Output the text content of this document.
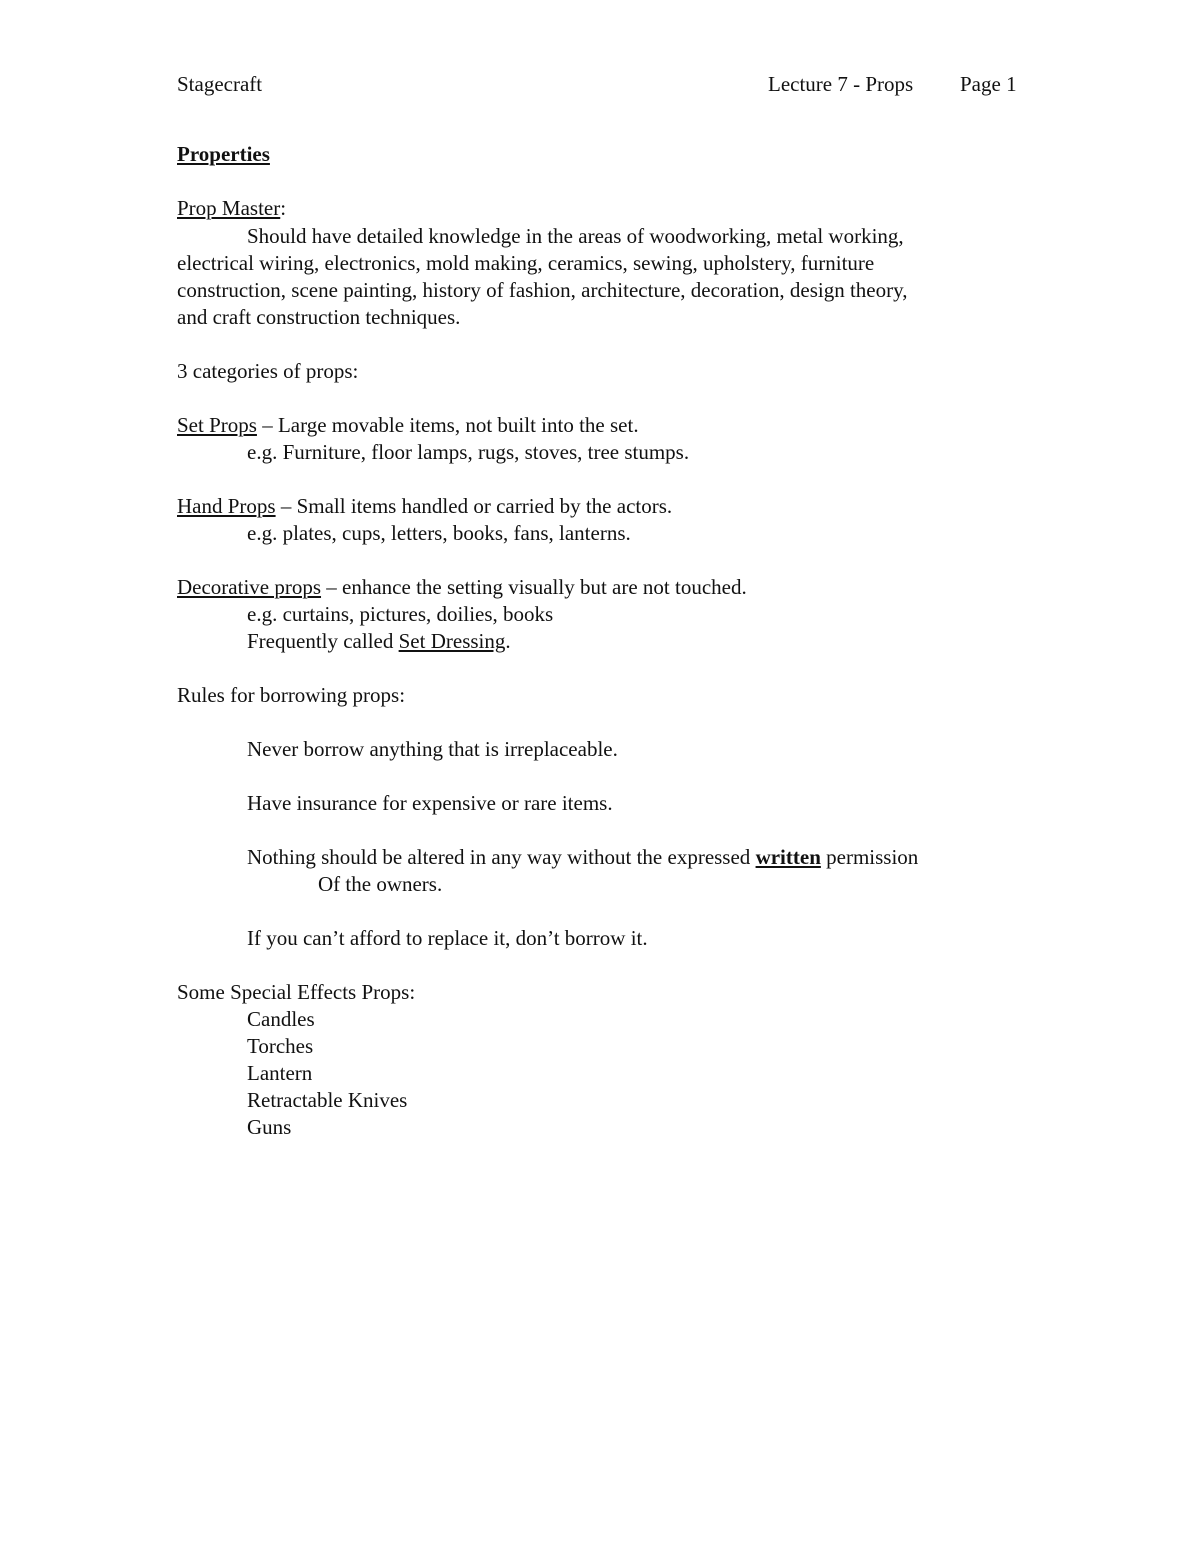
Stagecraft	Lecture 7 - Props Page 1
Properties
Prop Master:
Should have detailed knowledge in the areas of woodworking, metal working,
electrical wiring, electronics, mold making, ceramics, sewing, upholstery, furniture
construction, scene painting, history of fashion, architecture, decoration, design theory,
and craft construction techniques.
3 categories of props:
Set Props – Large movable items, not built into the set.
e.g. Furniture, floor lamps, rugs, stoves, tree stumps.
Hand Props – Small items handled or carried by the actors.
e.g. plates, cups, letters, books, fans, lanterns.
Decorative props – enhance the setting visually but are not touched.
e.g. curtains, pictures, doilies, books
Frequently called Set Dressing.
Rules for borrowing props:
Never borrow anything that is irreplaceable.
Have insurance for expensive or rare items.
Nothing should be altered in any way without the expressed written permission
Of the owners.
If you can’t afford to replace it, don’t borrow it.
Some Special Effects Props:
Candles
Torches
Lantern
Retractable Knives
Guns
